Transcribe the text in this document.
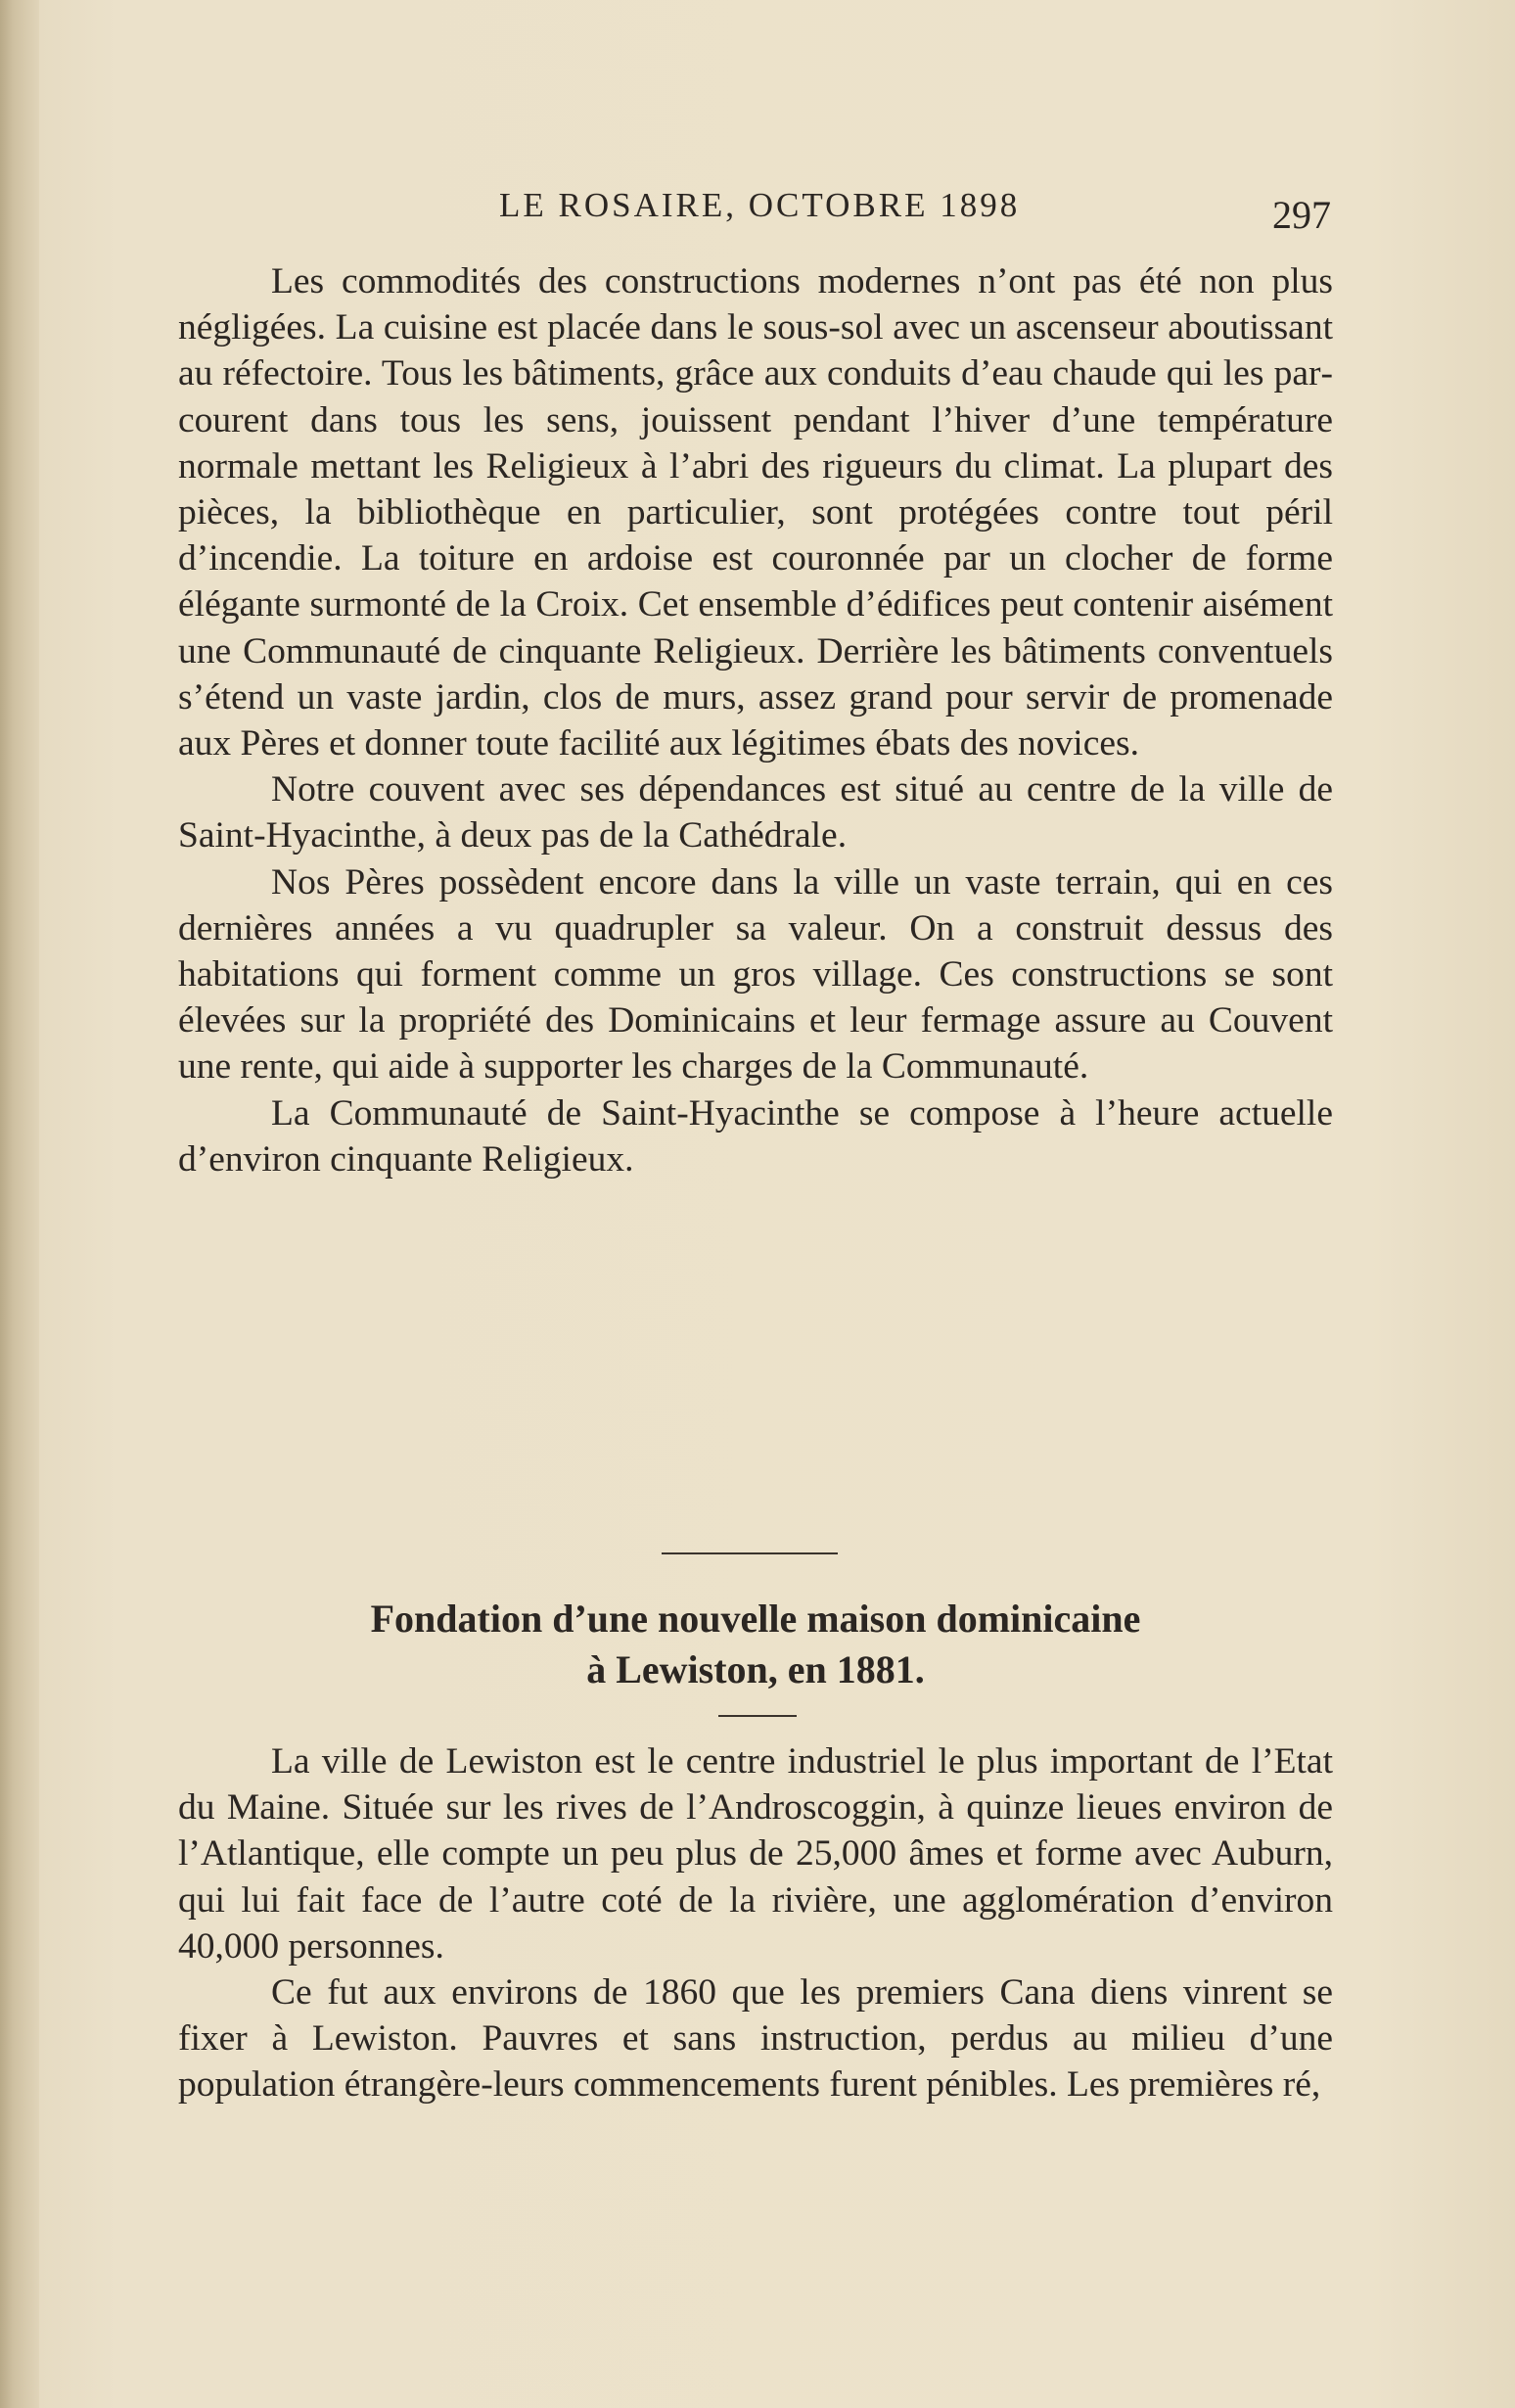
LE ROSAIRE, OCTOBRE 1898	297

Les commodités des constructions modernes n’ont pas été non plus négligées. La cuisine est placée dans le sous-sol avec un ascenseur aboutissant au réfectoire. Tous les bâtiments, grâce aux conduits d’eau chaude qui les parcourent dans tous les sens, jouissent pendant l’hiver d’une température normale mettant les Religieux à l’abri des rigueurs du climat. La plupart des pièces, la bibliothèque en particulier, sont protégées contre tout péril d’incendie. La toiture en ardoise est couronnée par un clocher de forme élégante surmonté de la Croix. Cet ensemble d’édifices peut contenir aisément une Communauté de cinquante Religieux. Derrière les bâtiments conventuels s’étend un vaste jardin, clos de murs, assez grand pour servir de promenade aux Pères et donner toute facilité aux légitimes ébats des novices.

Notre couvent avec ses dépendances est situé au centre de la ville de Saint-Hyacinthe, à deux pas de la Cathédrale.

Nos Pères possèdent encore dans la ville un vaste terrain, qui en ces dernières années a vu quadrupler sa valeur. On a construit dessus des habitations qui forment comme un gros village. Ces constructions se sont élevées sur la propriété des Dominicains et leur fermage assure au Couvent une rente, qui aide à supporter les charges de la Communauté.

La Communauté de Saint-Hyacinthe se compose à l’heure actuelle d’environ cinquante Religieux.

Fondation d’une nouvelle maison dominicaine
à Lewiston, en 1881.

La ville de Lewiston est le centre industriel le plus important de l’Etat du Maine. Située sur les rives de l’Androscoggin, à quinze lieues environ de l’Atlantique, elle compte un peu plus de 25,000 âmes et forme avec Auburn, qui lui fait face de l’autre coté de la rivière, une agglomération d’environ 40,000 personnes.

Ce fut aux environs de 1860 que les premiers Cana diens vinrent se fixer à Lewiston. Pauvres et sans instruction, perdus au milieu d’une population étrangère-leurs commencements furent pénibles. Les premières ré,
